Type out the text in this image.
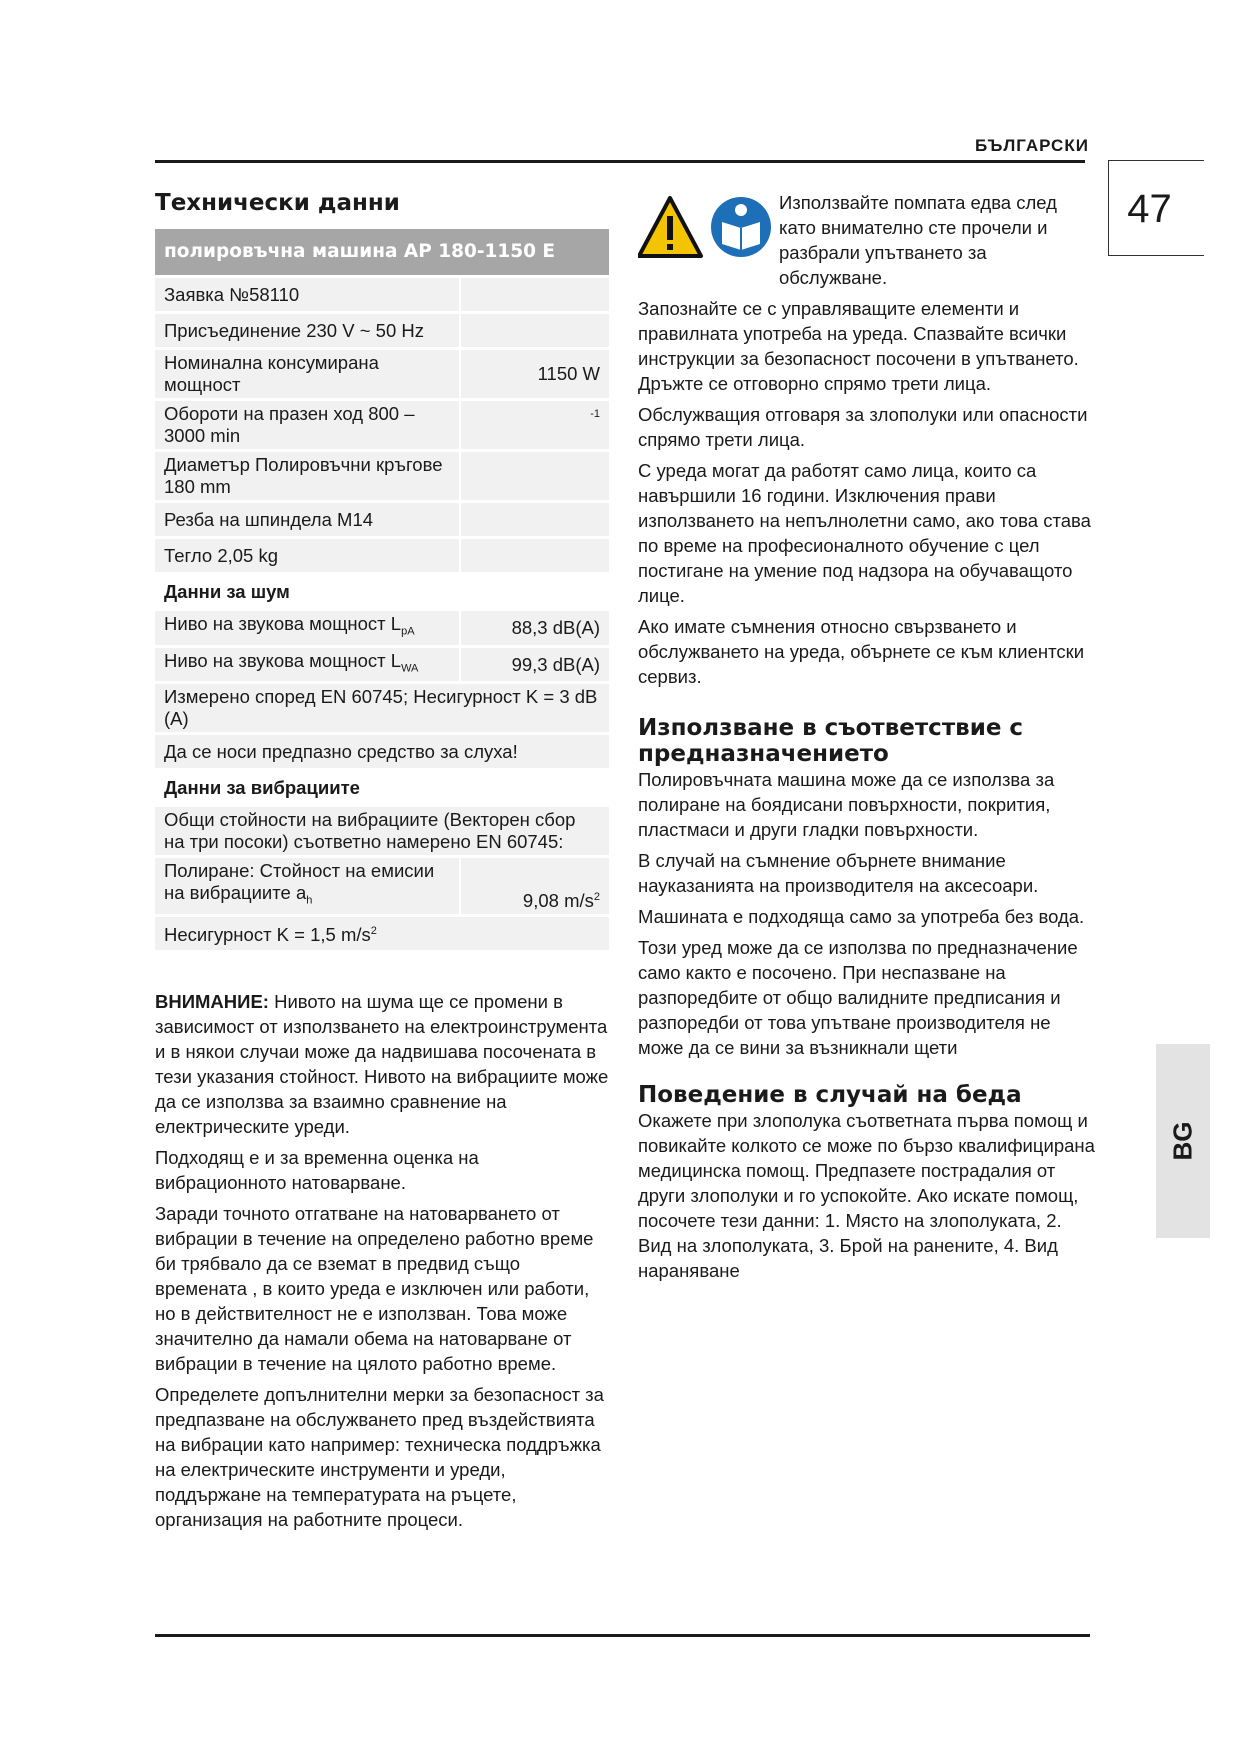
БЪЛГАРСКИ
47
BG
Технически данни
полировъчна машина AP 180-1150 E	
Заявка №58110	
Присъединение 230 V ~ 50 Hz	
Номинална консумирана мощност	1150 W
Обороти на празен ход 800 – 3000 min	-1
Диаметър Полировъчни кръгове 180 mm	
Резба на шпиндела М14	
Тегло 2,05 kg	
Данни за шум	
Ниво на звукова мощност $L_{pA}$	88,3 dB(A)
Ниво на звукова мощност $L_{WA}$	99,3 dB(A)
Измерено според EN 60745; Несигурност K = 3 dB (A)	
Да се носи предпазно средство за слуха!	
Данни за вибрациите	
Общи стойности на вибрациите (Векторен сбор на три посоки) съответно намерено EN 60745:	
Полиране: Стойност на емисии на вибрациите $a_h$	9,08 $m/s^2$
Несигурност K = 1,5 $m/s^2$

ВНИМАНИЕ: Нивото на шума ще се промени в зависимост от използването на електроинструмента и в някои случаи може да надвишава посочената в тези указания стойност. Нивото на вибрациите може да се използва за взаимно сравнение на електрическите уреди.

Подходящ е и за временна оценка на вибрационното натоварване.

Заради точното отгатване на натоварването от вибрации в течение на определено работно време би трябвало да се вземат в предвид също времената , в които уреда е изключен или работи, но в действителност не е използван. Това може значително да намали обема на натоварване от вибрации в течение на цялото работно време.

Определете допълнителни мерки за безопасност за предпазване на обслужването пред въздействията на вибрации като например: техническа поддръжка на електрическите инструменти и уреди, поддържане на температурата на ръцете, организация на работните процеси.

Използвайте помпата едва след като внимателно сте прочели и разбрали упътването за обслужване.

Запознайте се с управляващите елементи и правилната употреба на уреда. Спазвайте всички инструкции за безопасност посочени в упътването. Дръжте се отговорно спрямо трети лица.

Обслужващия отговаря за злополуки или опасности спрямо трети лица.

С уреда могат да работят само лица, които са навършили 16 години. Изключения прави използването на непълнолетни само, ако това става по време на професионалното обучение с цел постигане на умение под надзора на обучаващото лице.

Ако имате съмнения относно свързването и обслужването на уреда, обърнете се към клиентски сервиз.

Използване в съответствие с предназначението

Полировъчната машина може да се използва за полиране на боядисани повърхности, покрития, пластмаси и други гладки повърхности.

В случай на съмнение обърнете внимание науказанията на производителя на аксесоари.

Машината е подходяща само за употреба без вода.

Този уред може да се използва по предназначение само както е посочено. При неспазване на разпоредбите от общо валидните предписания и разпоредби от това упътване производителя не може да се вини за възникнали щети

Поведение в случай на беда

Окажете при злополука съответната първа помощ и повикайте колкото се може по бързо квалифицирана медицинска помощ. Предпазете пострадалия от други злополуки и го успокойте. Ако искате помощ, посочете тези данни: 1. Място на злополуката, 2. Вид на злополуката, 3. Брой на ранените, 4. Вид нараняване
